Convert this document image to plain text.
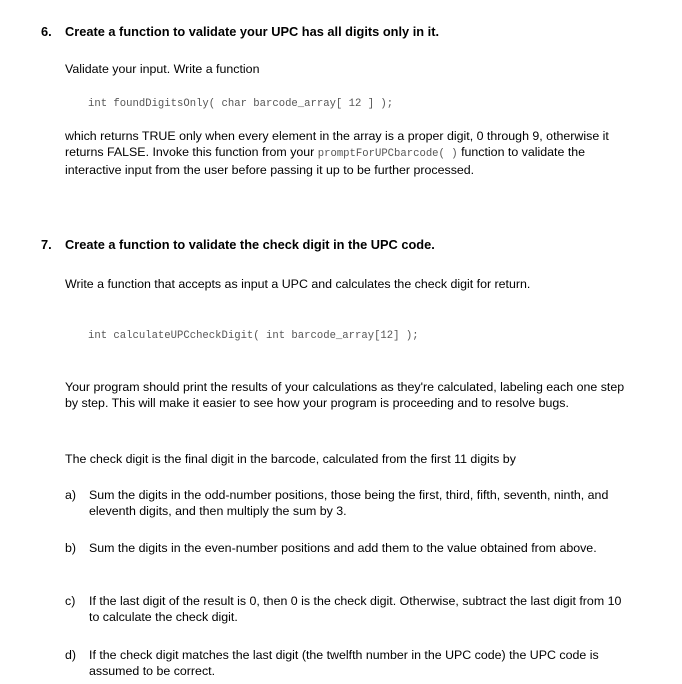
6. Create a function to validate your UPC has all digits only in it.
Validate your input. Write a function
int foundDigitsOnly( char barcode_array[ 12 ] );
which returns TRUE only when every element in the array is a proper digit, 0 through 9, otherwise it returns FALSE. Invoke this function from your promptForUPCbarcode( ) function to validate the interactive input from the user before passing it up to be further processed.
7. Create a function to validate the check digit in the UPC code.
Write a function that accepts as input a UPC and calculates the check digit for return.
int calculateUPCcheckDigit( int barcode_array[12] );
Your program should print the results of your calculations as they're calculated, labeling each one step by step. This will make it easier to see how your program is proceeding and to resolve bugs.
The check digit is the final digit in the barcode, calculated from the first 11 digits by
a)	Sum the digits in the odd-number positions, those being the first, third, fifth, seventh, ninth, and eleventh digits, and then multiply the sum by 3.
b)	Sum the digits in the even-number positions and add them to the value obtained from above.
c)	If the last digit of the result is 0, then 0 is the check digit. Otherwise, subtract the last digit from 10 to calculate the check digit.
d)	If the check digit matches the last digit (the twelfth number in the UPC code) the UPC code is assumed to be correct.
